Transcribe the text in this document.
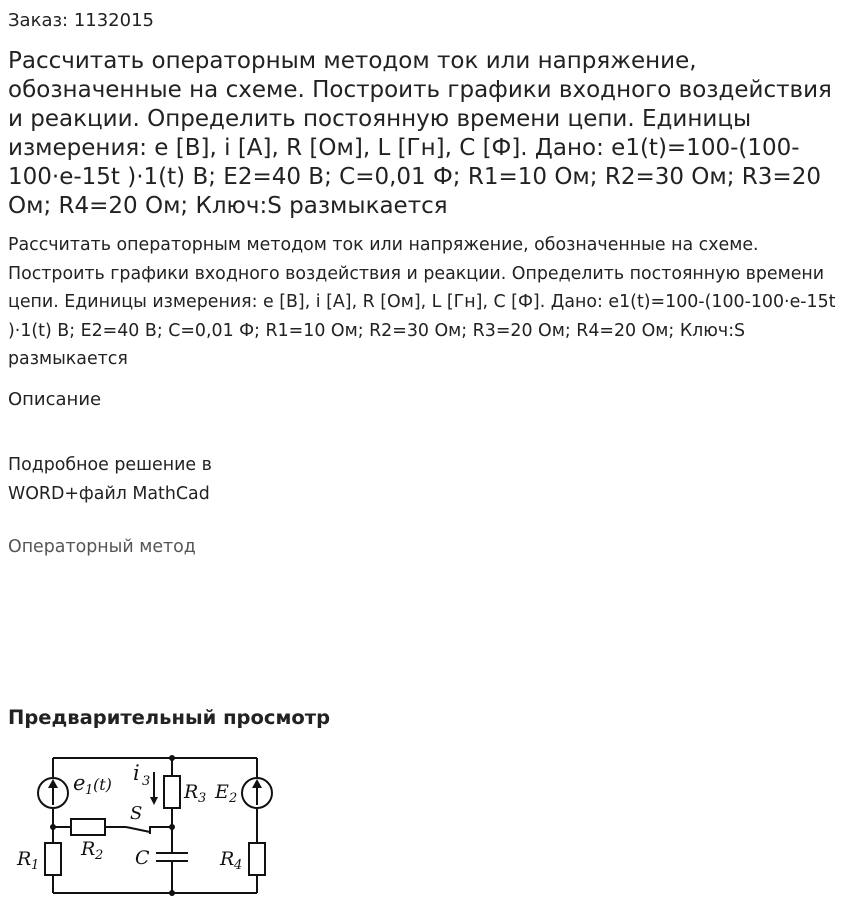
Заказ: 1132015
Рассчитать операторным методом ток или напряжение, обозначенные на схеме. Построить графики входного воздействия и реакции. Определить постоянную времени цепи. Единицы измерения: е [В], i [А], R [Ом], L [Гн], C [Ф]. Дано: e1(t)=100-(100-100·e-15t )·1(t) В; E2=40 В; С=0,01 Ф; R1=10 Ом; R2=30 Ом; R3=20 Ом; R4=20 Ом; Ключ:S размыкается

Рассчитать операторным методом ток или напряжение, обозначенные на схеме. Построить графики входного воздействия и реакции. Определить постоянную времени цепи. Единицы измерения: е [В], i [А], R [Ом], L [Гн], C [Ф]. Дано: e1(t)=100-(100-100·e-15t )·1(t) В; E2=40 В; С=0,01 Ф; R1=10 Ом; R2=30 Ом; R3=20 Ом; R4=20 Ом; Ключ:S размыкается

Описание

Подробное решение в WORD+файл MathCad

Операторный метод
Предварительный просмотр
e 1 (t) i 3 R 3 E 2
S
R 2 C
R 1	R 4
